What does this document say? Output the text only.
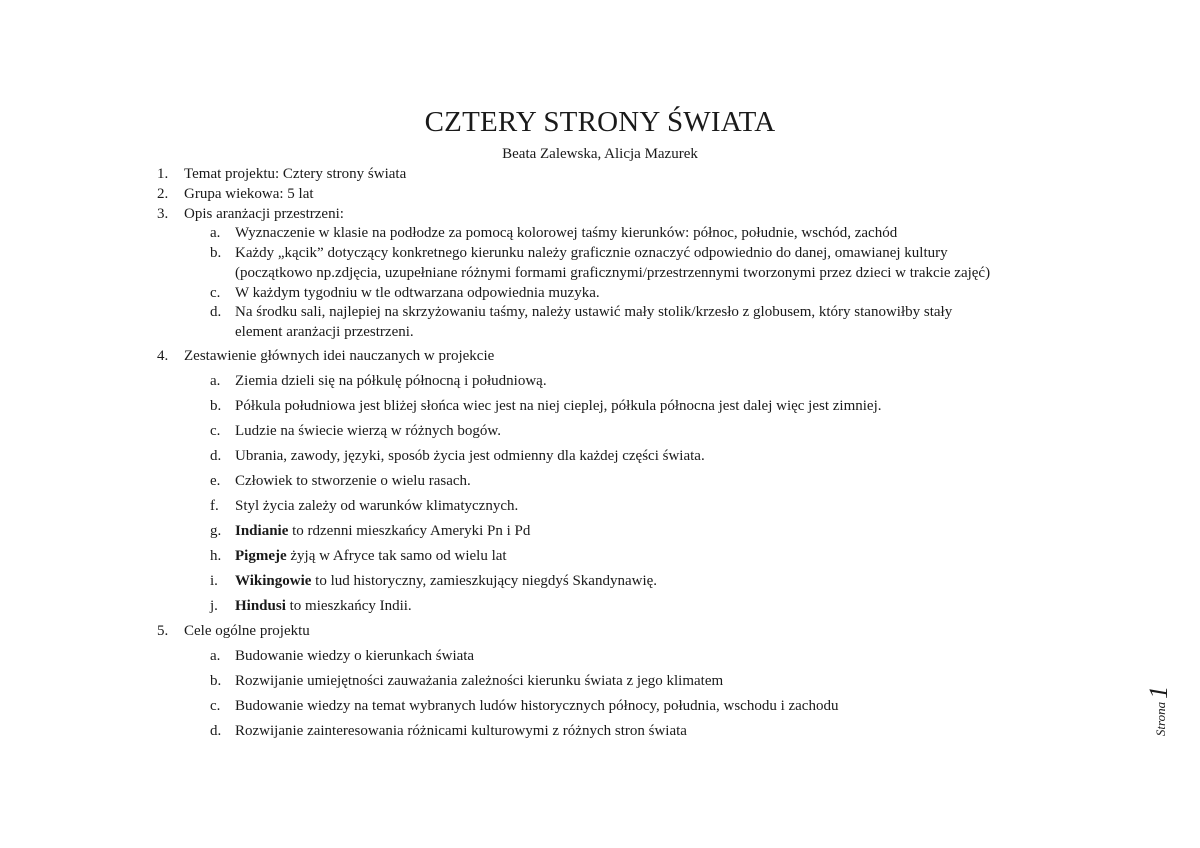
CZTERY STRONY ŚWIATA
Beata Zalewska, Alicja Mazurek
1. Temat projektu: Cztery strony świata
2. Grupa wiekowa: 5 lat
3. Opis aranżacji przestrzeni:
4. Zestawienie głównych idei nauczanych w projekcie
5. Cele ogólne projektu
a. Wyznaczenie w klasie na podłodze za pomocą kolorowej taśmy kierunków: północ, południe, wschód, zachód
b. Każdy „kącik” dotyczący konkretnego kierunku należy graficznie oznaczyć odpowiednio do danej, omawianej kultury
(początkowo np.zdjęcia, uzupełniane różnymi formami graficznymi/przestrzennymi tworzonymi przez dzieci w trakcie zajęć)
c. W każdym tygodniu w tle odtwarzana odpowiednia muzyka.
d. Na środku sali, najlepiej na skrzyżowaniu taśmy, należy ustawić mały stolik/krzesło z globusem, który stanowiłby stały
element aranżacji przestrzeni.
a. Ziemia dzieli się na półkulę północną i południową.
b. Półkula południowa jest bliżej słońca wiec jest na niej cieplej, półkula północna jest dalej więc jest zimniej.
c. Ludzie na świecie wierzą w różnych bogów.
d. Ubrania, zawody, języki, sposób życia jest odmienny dla każdej części świata.
e. Człowiek to stworzenie o wielu rasach.
f. Styl życia zależy od warunków klimatycznych.
g. Indianie to rdzenni mieszkańcy Ameryki Pn i Pd
h. Pigmeje żyją w Afryce tak samo od wielu lat
i. Wikingowie to lud historyczny, zamieszkujący niegdyś Skandynawię.
j. Hindusi to mieszkańcy Indii.
a. Budowanie wiedzy o kierunkach świata
b. Rozwijanie umiejętności zauważania zależności kierunku świata z jego klimatem
c. Budowanie wiedzy na temat wybranych ludów historycznych północy, południa, wschodu i zachodu
d. Rozwijanie zainteresowania różnicami kulturowymi z różnych stron świata	Strona1
